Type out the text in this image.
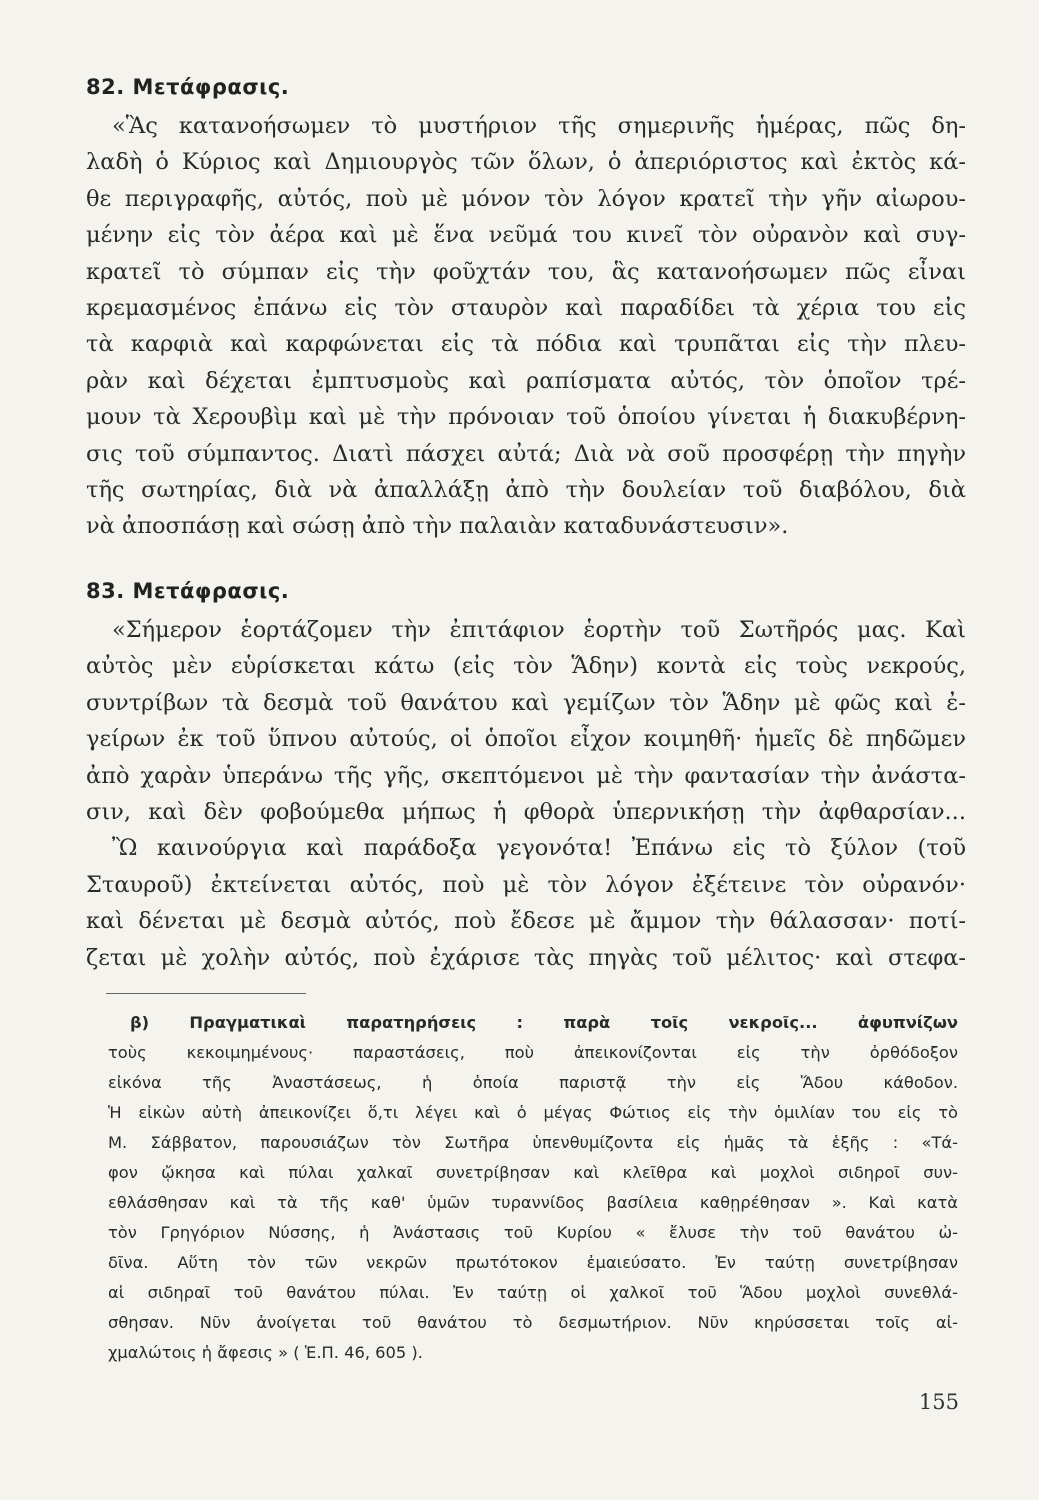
82. Μετάφρασις.
«Ἃς κατανοήσωμεν τὸ μυστήριον τῆς σημερινῆς ἡμέρας, πῶς δη-
λαδὴ ὁ Κύριος καὶ Δημιουργὸς τῶν ὅλων, ὁ ἀπεριόριστος καὶ ἐκτὸς κά-
θε περιγραφῆς, αὐτός, ποὺ μὲ μόνον τὸν λόγον κρατεῖ τὴν γῆν αἰωρου-
μένην εἰς τὸν ἀέρα καὶ μὲ ἕνα νεῦμά του κινεῖ τὸν οὐρανὸν καὶ συγ-
κρατεῖ τὸ σύμπαν εἰς τὴν φοῦχτάν του, ἃς κατανοήσωμεν πῶς εἶναι
κρεμασμένος ἐπάνω εἰς τὸν σταυρὸν καὶ παραδίδει τὰ χέρια του εἰς
τὰ καρφιὰ καὶ καρφώνεται εἰς τὰ πόδια καὶ τρυπᾶται εἰς τὴν πλευ-
ρὰν καὶ δέχεται ἐμπτυσμοὺς καὶ ραπίσματα αὐτός, τὸν ὁποῖον τρέ-
μουν τὰ Χερουβὶμ καὶ μὲ τὴν πρόνοιαν τοῦ ὁποίου γίνεται ἡ διακυβέρνη-
σις τοῦ σύμπαντος. Διατὶ πάσχει αὐτά; Διὰ νὰ σοῦ προσφέρῃ τὴν πηγὴν
τῆς σωτηρίας, διὰ νὰ ἀπαλλάξῃ ἀπὸ τὴν δουλείαν τοῦ διαβόλου, διὰ
νὰ ἀποσπάσῃ καὶ σώσῃ ἀπὸ τὴν παλαιὰν καταδυνάστευσιν».
83. Μετάφρασις.
«Σήμερον ἑορτάζομεν τὴν ἐπιτάφιον ἑορτὴν τοῦ Σωτῆρός μας. Καὶ
αὐτὸς μὲν εὑρίσκεται κάτω (εἰς τὸν Ἅδην) κοντὰ εἰς τοὺς νεκρούς,
συντρίβων τὰ δεσμὰ τοῦ θανάτου καὶ γεμίζων τὸν Ἅδην μὲ φῶς καὶ ἐ-
γείρων ἐκ τοῦ ὕπνου αὐτούς, οἱ ὁποῖοι εἶχον κοιμηθῆ· ἡμεῖς δὲ πηδῶμεν
ἀπὸ χαρὰν ὑπεράνω τῆς γῆς, σκεπτόμενοι μὲ τὴν φαντασίαν τὴν ἀνάστα-
σιν, καὶ δὲν φοβούμεθα μήπως ἡ φθορὰ ὑπερνικήσῃ τὴν ἀφθαρσίαν...
Ὢ καινούργια καὶ παράδοξα γεγονότα! Ἐπάνω εἰς τὸ ξύλον (τοῦ
Σταυροῦ) ἐκτείνεται αὐτός, ποὺ μὲ τὸν λόγον ἐξέτεινε τὸν οὐρανόν·
καὶ δένεται μὲ δεσμὰ αὐτός, ποὺ ἔδεσε μὲ ἄμμον τὴν θάλασσαν· ποτί-
ζεται μὲ χολὴν αὐτός, ποὺ ἐχάρισε τὰς πηγὰς τοῦ μέλιτος· καὶ στεφα-
β) Πραγματικαὶ παρατηρήσεις : παρὰ τοῖς νεκροῖς... ἀφυπνίζων
τοὺς κεκοιμημένους· παραστάσεις, ποὺ ἀπεικονίζονται εἰς τὴν ὀρθόδοξον
εἰκόνα τῆς Ἀναστάσεως, ἡ ὁποία παριστᾷ τὴν εἰς Ἅδου κάθοδον.
Ἡ εἰκὼν αὐτὴ ἀπεικονίζει ὅ,τι λέγει καὶ ὁ μέγας Φώτιος εἰς τὴν ὁμιλίαν του εἰς τὸ
Μ. Σάββατον, παρουσιάζων τὸν Σωτῆρα ὑπενθυμίζοντα εἰς ἡμᾶς τὰ ἑξῆς : «Τά-
φον ᾤκησα καὶ πύλαι χαλκαῖ συνετρίβησαν καὶ κλεῖθρα καὶ μοχλοὶ σιδηροῖ συν-
εθλάσθησαν καὶ τὰ τῆς καθ' ὑμῶν τυραννίδος βασίλεια καθῃρέθησαν ». Καὶ κατὰ
τὸν Γρηγόριον Νύσσης, ἡ Ἀνάστασις τοῦ Κυρίου « ἔλυσε τὴν τοῦ θανάτου ὠ-
δῖνα. Αὕτη τὸν τῶν νεκρῶν πρωτότοκον ἐμαιεύσατο. Ἐν ταύτῃ συνετρίβησαν
αἱ σιδηραῖ τοῦ θανάτου πύλαι. Ἐν ταύτῃ οἱ χαλκοῖ τοῦ Ἅδου μοχλοὶ συνεθλά-
σθησαν. Νῦν ἀνοίγεται τοῦ θανάτου τὸ δεσμωτήριον. Νῦν κηρύσσεται τοῖς αἰ-
χμαλώτοις ἡ ἄφεσις » ( Ἑ.Π. 46, 605 ).
155
